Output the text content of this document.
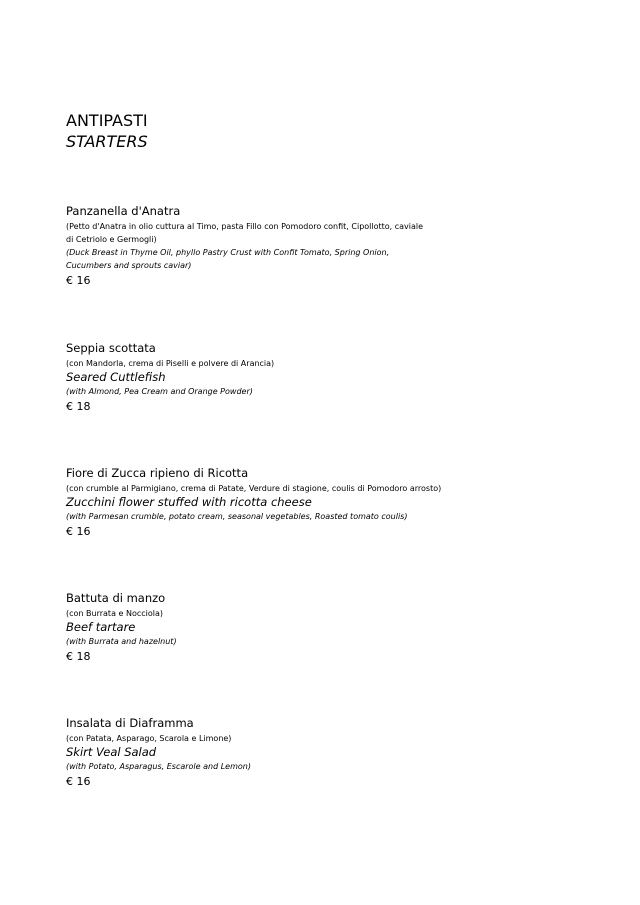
ANTIPASTI
STARTERS
Panzanella d'Anatra
(Petto d'Anatra in olio cuttura al Timo, pasta Fillo con Pomodoro confit, Cipollotto, caviale di Cetriolo e Germogli)
(Duck Breast in Thyme Oil, phyllo Pastry Crust with Confit Tomato, Spring Onion, Cucumbers and sprouts caviar)
€ 16
Seppia scottata
(con Mandorla, crema di Piselli e polvere di Arancia)
Seared Cuttlefish
(with Almond, Pea Cream and Orange Powder)
€ 18
Fiore di Zucca ripieno di Ricotta
(con crumble al Parmigiano, crema di Patate, Verdure di stagione, coulis di Pomodoro arrosto)
Zucchini flower stuffed with ricotta cheese
(with Parmesan crumble, potato cream, seasonal vegetables, Roasted tomato coulis)
€ 16
Battuta di manzo
(con Burrata e Nocciola)
Beef tartare
(with Burrata and hazelnut)
€ 18
Insalata di Diaframma
(con Patata, Asparago, Scarola e Limone)
Skirt Veal Salad
(with Potato, Asparagus, Escarole and Lemon)
€ 16
